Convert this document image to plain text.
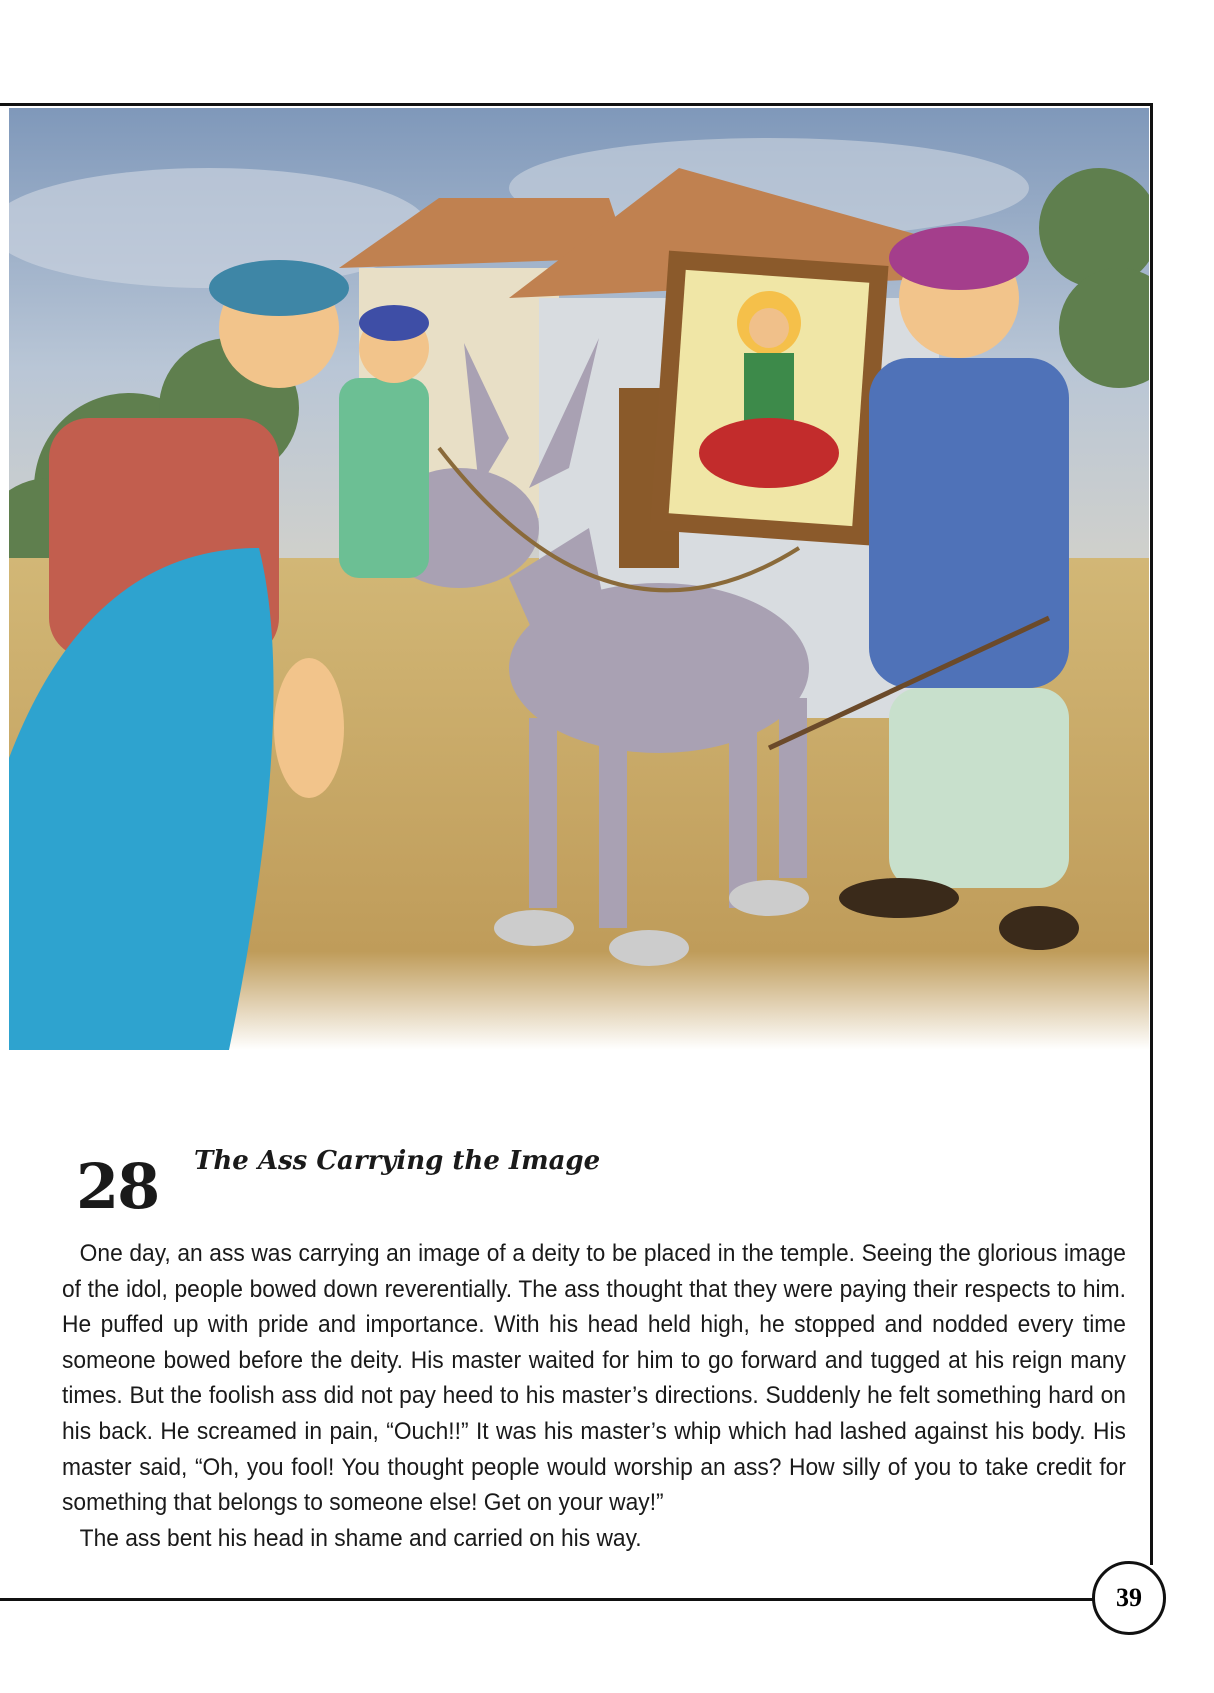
28 The Ass Carrying the Image

One day, an ass was carrying an image of a deity to be placed in the temple. Seeing the glorious image of the idol, people bowed down reverentially. The ass thought that they were paying their respects to him. He puffed up with pride and importance. With his head held high, he stopped and nodded every time someone bowed before the deity. His master waited for him to go forward and tugged at his reign many times. But the foolish ass did not pay heed to his master’s directions. Suddenly he felt something hard on his back. He screamed in pain, “Ouch!!” It was his master’s whip which had lashed against his body. His master said, “Oh, you fool! You thought people would worship an ass? How silly of you to take credit for something that belongs to someone else! Get on your way!”

The ass bent his head in shame and carried on his way.

39
